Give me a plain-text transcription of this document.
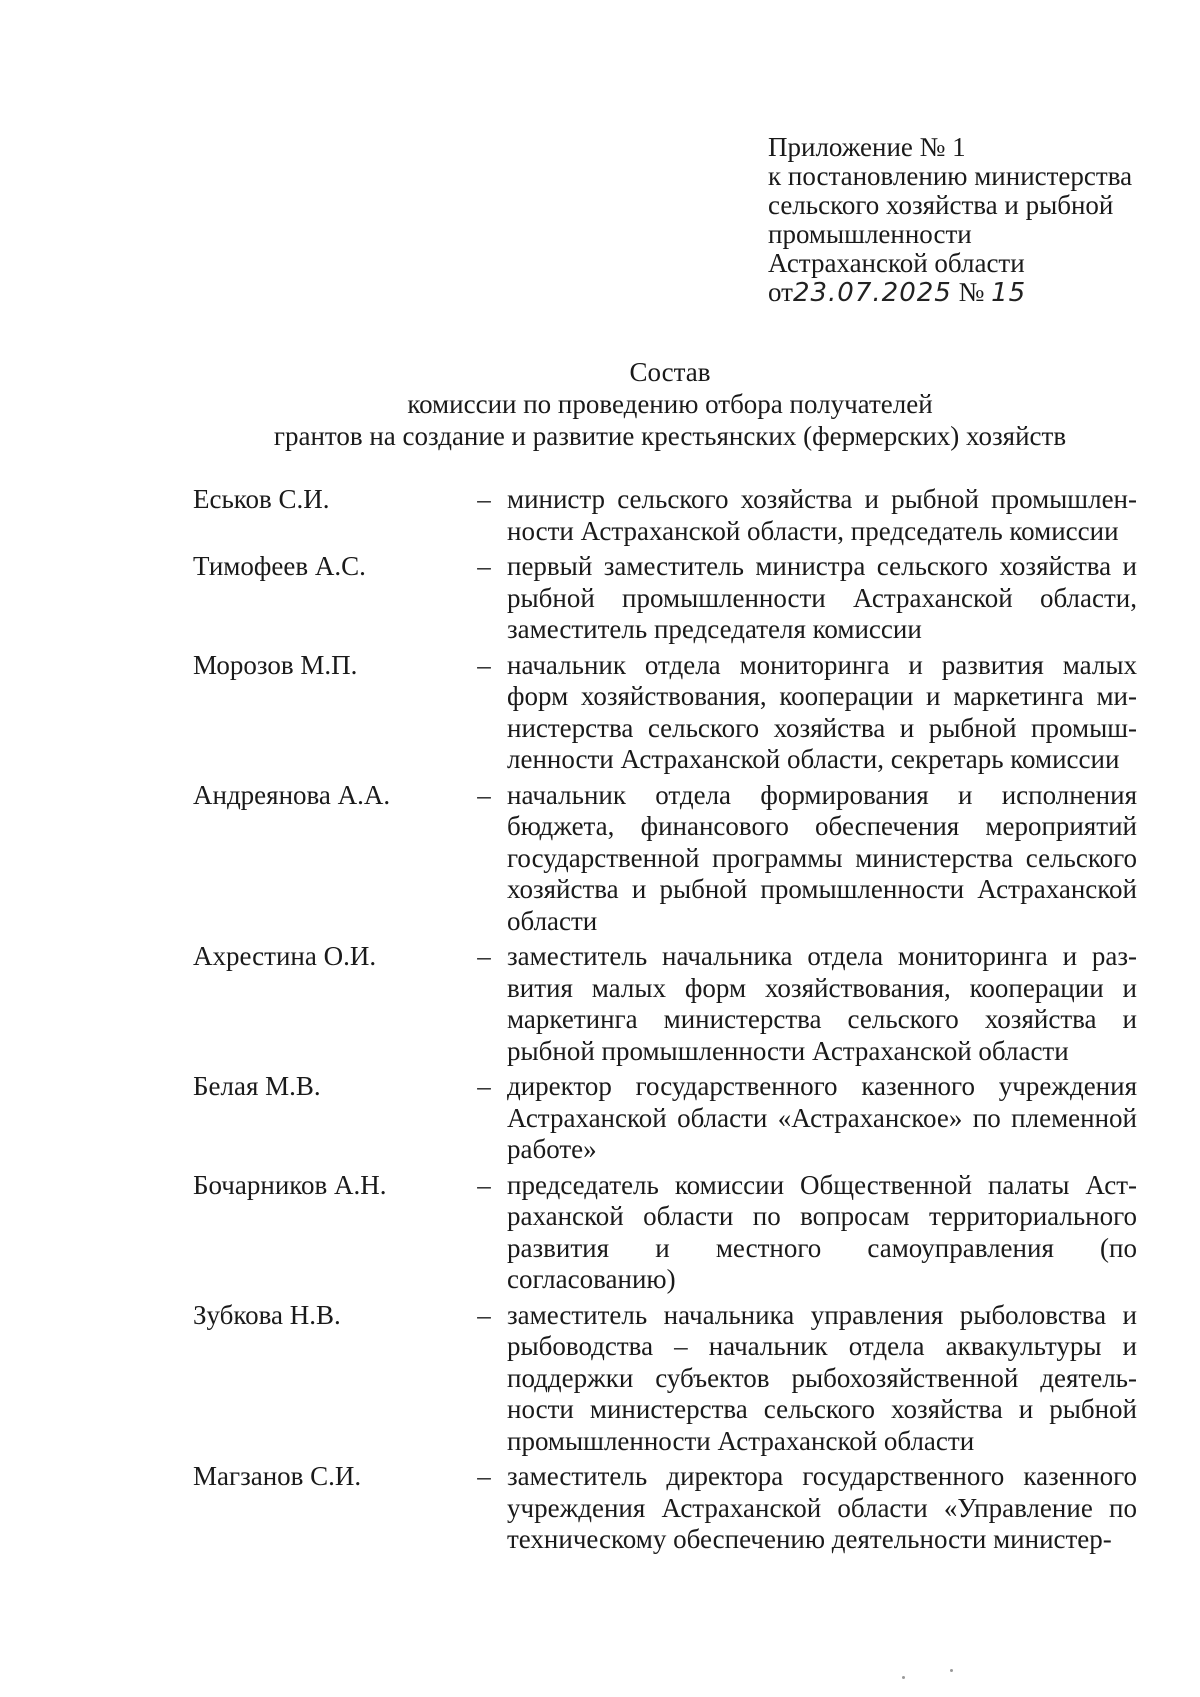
Приложение № 1
к постановлению министерства
сельского хозяйства и рыбной
промышленности
Астраханской области
от23.07.2025 № 15
Состав
комиссии по проведению отбора получателей
грантов на создание и развитие крестьянских (фермерских) хозяйств
Еськов С.И.	– министр сельского хозяйства и рыбной промышленности Астраханской области, председатель комиссии
Тимофеев А.С.	– первый заместитель министра сельского хозяйства и рыбной промышленности Астраханской области, заместитель председателя комиссии
Морозов М.П.	– начальник отдела мониторинга и развития малых форм хозяйствования, кооперации и маркетинга министерства сельского хозяйства и рыбной промышленности Астраханской области, секретарь комиссии
Андреянова А.А.	– начальник отдела формирования и исполнения бюджета, финансового обеспечения мероприятий государственной программы министерства сельского хозяйства и рыбной промышленности Астраханской области
Ахрестина О.И.	– заместитель начальника отдела мониторинга и развития малых форм хозяйствования, кооперации и маркетинга министерства сельского хозяйства и рыбной промышленности Астраханской области
Белая М.В.	– директор государственного казенного учреждения Астраханской области «Астраханское» по племенной работе»
Бочарников А.Н.	– председатель комиссии Общественной палаты Астраханской области по вопросам территориального развития и местного самоуправления (по согласованию)
Зубкова Н.В.	– заместитель начальника управления рыболовства и рыбоводства – начальник отдела аквакультуры и поддержки субъектов рыбохозяйственной деятельности министерства сельского хозяйства и рыбной промышленности Астраханской области
Магзанов С.И.	– заместитель директора государственного казенного учреждения Астраханской области «Управление по техническому обеспечению деятельности министер-
